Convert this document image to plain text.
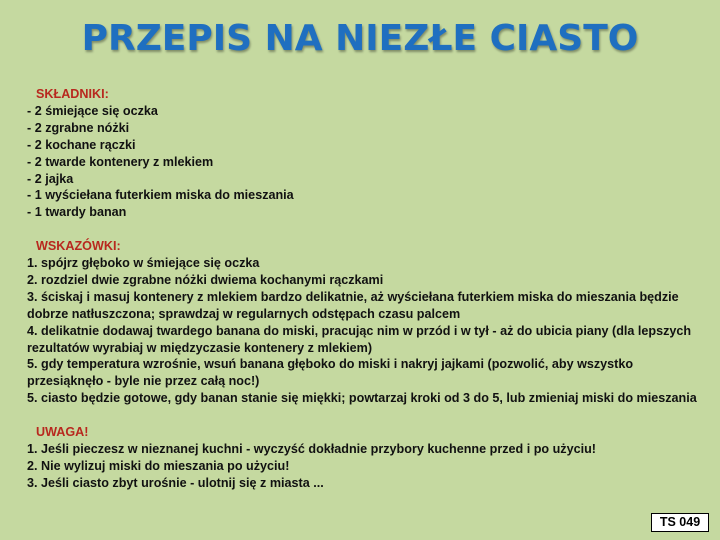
PRZEPIS NA NIEZŁE CIASTO
SKŁADNIKI:
- 2 śmiejące się oczka
- 2 zgrabne nóżki
- 2 kochane rączki
- 2 twarde kontenery z mlekiem
- 2 jajka
- 1 wyściełana futerkiem miska do mieszania
- 1 twardy banan
WSKAZÓWKI:
1. spójrz głęboko w śmiejące się oczka
2. rozdziel dwie zgrabne nóżki dwiema kochanymi rączkami
3. ściskaj i masuj kontenery z mlekiem bardzo delikatnie, aż wyściełana futerkiem miska do mieszania będzie dobrze natłuszczona; sprawdzaj w regularnych odstępach czasu palcem
4. delikatnie dodawaj twardego banana do miski, pracując nim w przód i w tył - aż do ubicia piany (dla lepszych rezultatów wyrabiaj w międzyczasie kontenery z mlekiem)
5. gdy temperatura wzrośnie, wsuń banana głęboko do miski i nakryj jajkami (pozwolić, aby wszystko przesiąknęło - byle nie przez całą noc!)
5. ciasto będzie gotowe, gdy banan stanie się miękki; powtarzaj kroki od 3 do 5, lub zmieniaj miski do mieszania
UWAGA!
1. Jeśli pieczesz w nieznanej kuchni - wyczyść dokładnie przybory kuchenne przed i po użyciu!
2. Nie wylizuj miski do mieszania po użyciu!
3. Jeśli ciasto zbyt urośnie - ulotnij się z miasta ...
TS 049
